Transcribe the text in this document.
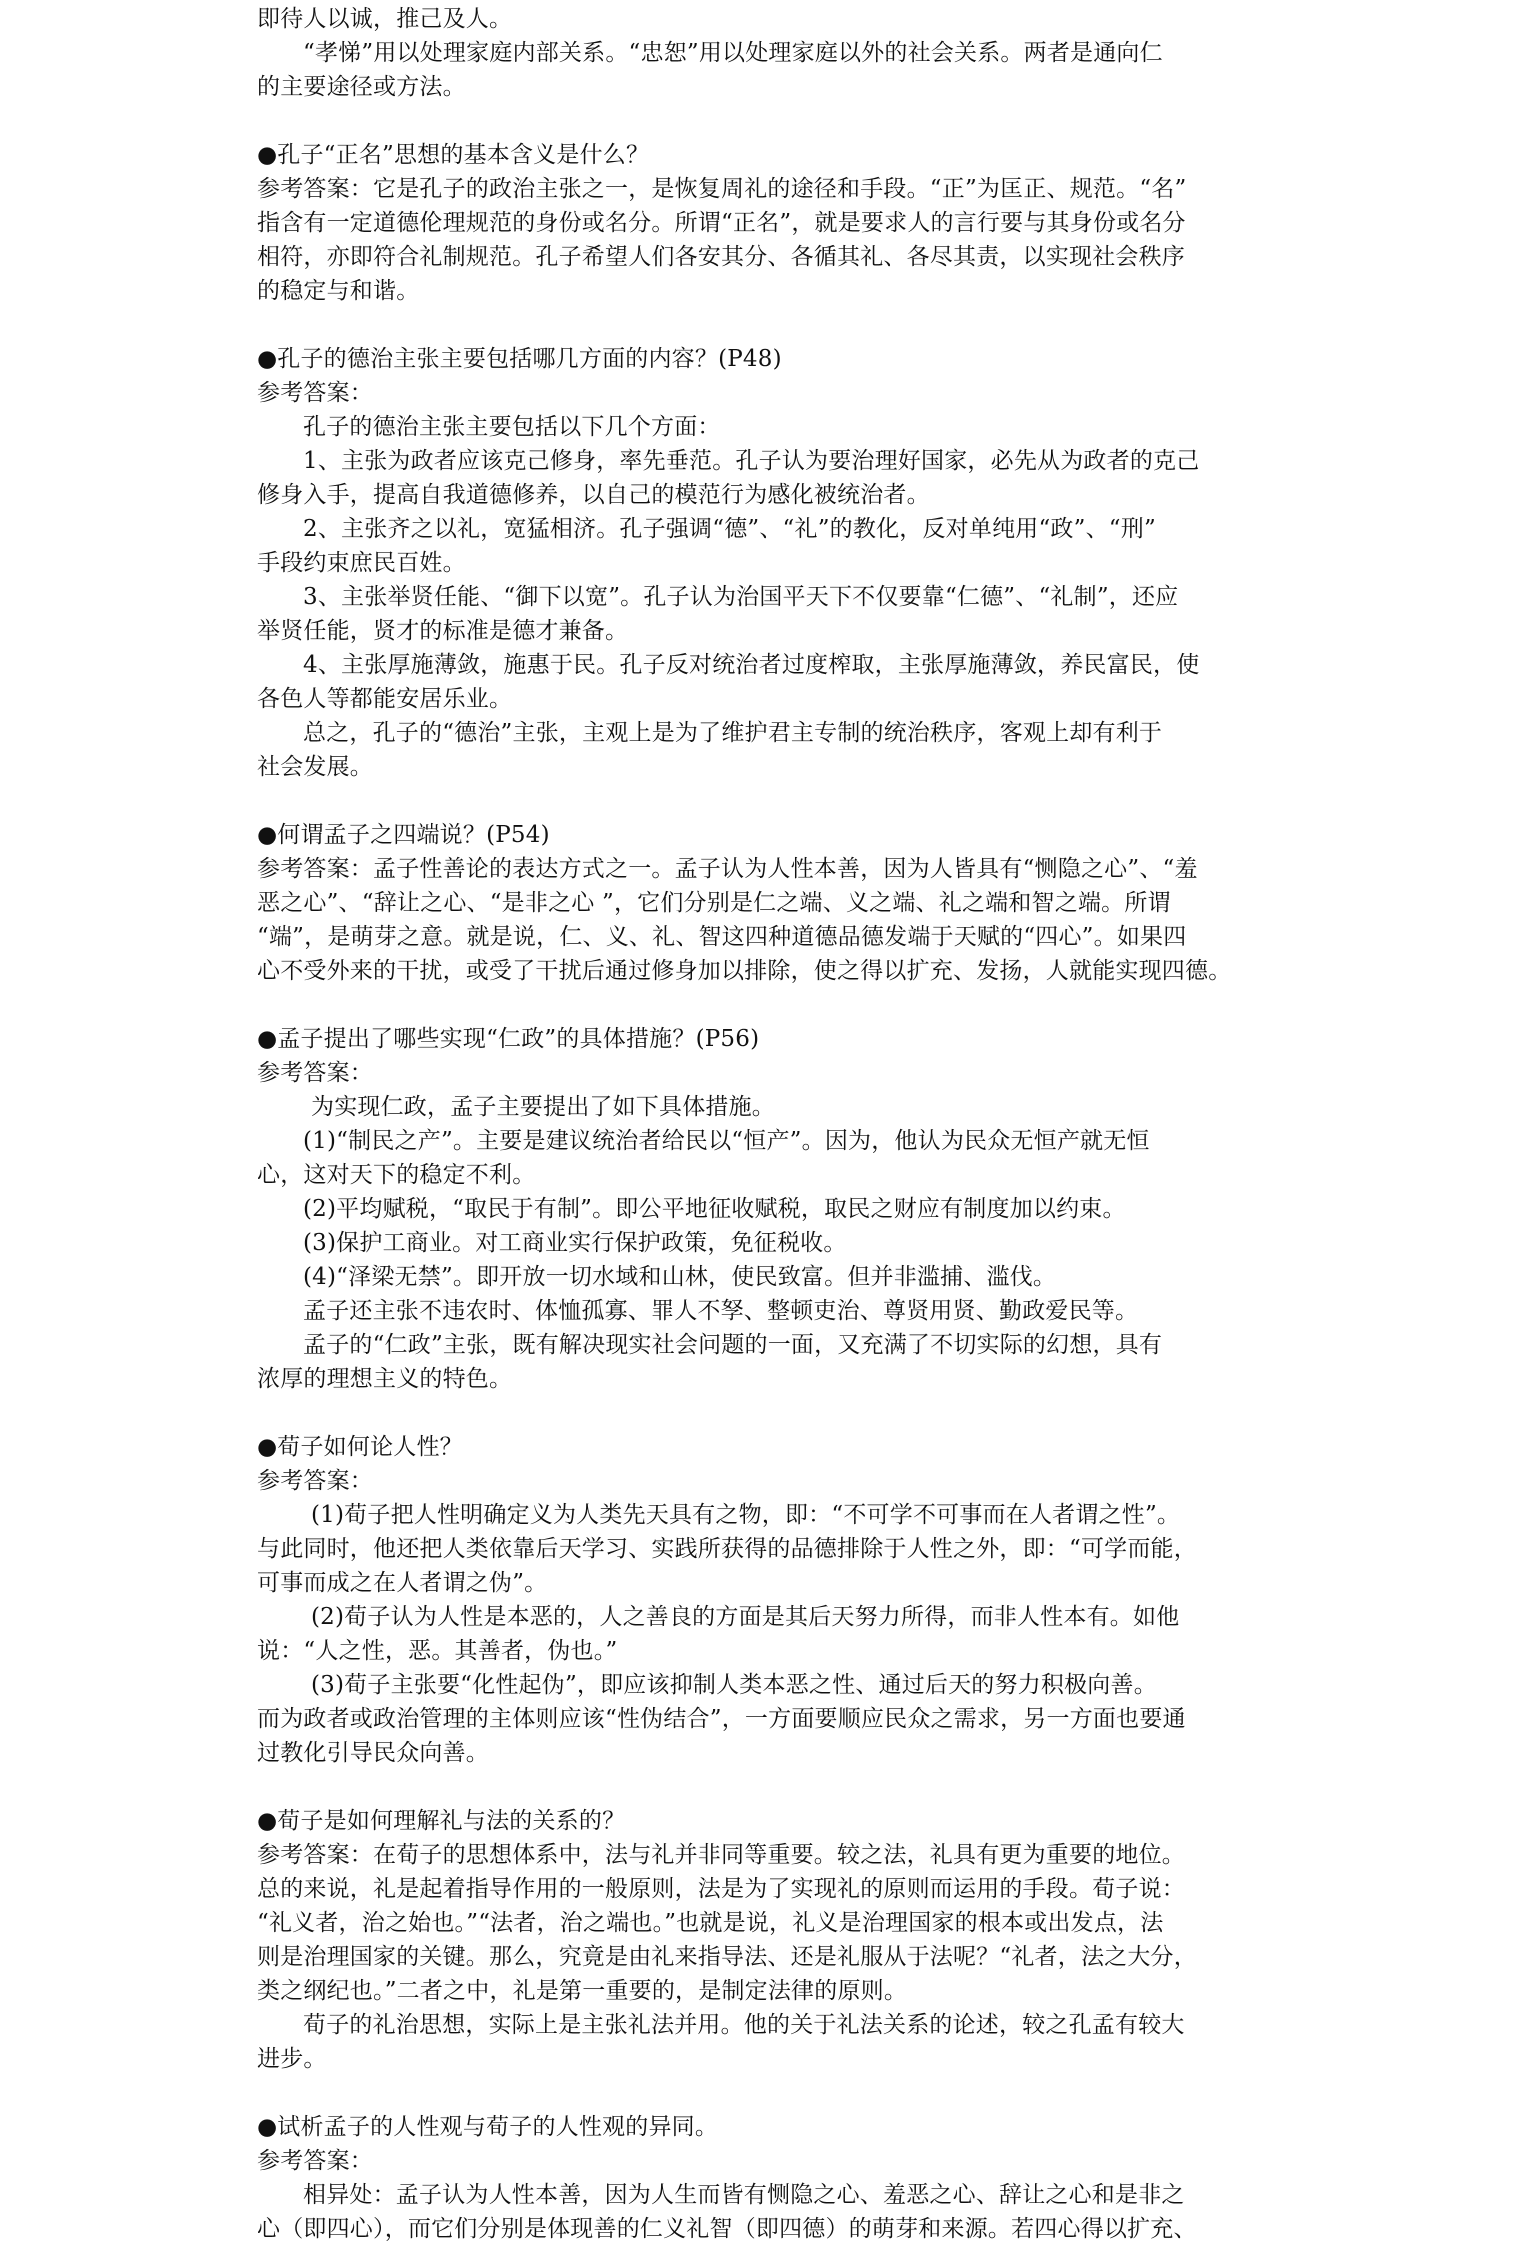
即待人以诚，推己及人。
“孝悌”用以处理家庭内部关系。“忠恕”用以处理家庭以外的社会关系。两者是通向仁
的主要途径或方法。
●孔子“正名”思想的基本含义是什么？
参考答案：它是孔子的政治主张之一，是恢复周礼的途径和手段。“正”为匡正、规范。“名”
指含有一定道德伦理规范的身份或名分。所谓“正名”，就是要求人的言行要与其身份或名分
相符，亦即符合礼制规范。孔子希望人们各安其分、各循其礼、各尽其责，以实现社会秩序
的稳定与和谐。
●孔子的德治主张主要包括哪几方面的内容？(P48)
参考答案：
孔子的德治主张主要包括以下几个方面：
1、主张为政者应该克己修身，率先垂范。孔子认为要治理好国家，必先从为政者的克己
修身入手，提高自我道德修养，以自己的模范行为感化被统治者。
2、主张齐之以礼，宽猛相济。孔子强调“德”、“礼”的教化，反对单纯用“政”、“刑”
手段约束庶民百姓。
3、主张举贤任能、“御下以宽”。孔子认为治国平天下不仅要靠“仁德”、“礼制”，还应
举贤任能，贤才的标准是德才兼备。
4、主张厚施薄敛，施惠于民。孔子反对统治者过度榨取，主张厚施薄敛，养民富民，使
各色人等都能安居乐业。
总之，孔子的“德治”主张，主观上是为了维护君主专制的统治秩序，客观上却有利于
社会发展。
●何谓孟子之四端说？(P54)
参考答案：孟子性善论的表达方式之一。孟子认为人性本善，因为人皆具有“恻隐之心”、“羞
恶之心”、“辞让之心、“是非之心 ”，它们分别是仁之端、义之端、礼之端和智之端。所谓
“端”，是萌芽之意。就是说，仁、义、礼、智这四种道德品德发端于天赋的“四心”。如果四
心不受外来的干扰，或受了干扰后通过修身加以排除，使之得以扩充、发扬，人就能实现四德。
●孟子提出了哪些实现“仁政”的具体措施？(P56)
参考答案：
为实现仁政，孟子主要提出了如下具体措施。
(1)“制民之产”。主要是建议统治者给民以“恒产”。因为，他认为民众无恒产就无恒
心，这对天下的稳定不利。
(2)平均赋税，“取民于有制”。即公平地征收赋税，取民之财应有制度加以约束。
(3)保护工商业。对工商业实行保护政策，免征税收。
(4)“泽梁无禁”。即开放一切水域和山林，使民致富。但并非滥捕、滥伐。
孟子还主张不违农时、体恤孤寡、罪人不孥、整顿吏治、尊贤用贤、勤政爱民等。
孟子的“仁政”主张，既有解决现实社会问题的一面，又充满了不切实际的幻想，具有
浓厚的理想主义的特色。
●荀子如何论人性？
参考答案：
(1)荀子把人性明确定义为人类先天具有之物，即：“不可学不可事而在人者谓之性”。
与此同时，他还把人类依靠后天学习、实践所获得的品德排除于人性之外，即：“可学而能，
可事而成之在人者谓之伪”。
(2)荀子认为人性是本恶的，人之善良的方面是其后天努力所得，而非人性本有。如他
说：“人之性，恶。其善者，伪也。”
(3)荀子主张要“化性起伪”，即应该抑制人类本恶之性、通过后天的努力积极向善。
而为政者或政治管理的主体则应该“性伪结合”，一方面要顺应民众之需求，另一方面也要通
过教化引导民众向善。
●荀子是如何理解礼与法的关系的？
参考答案：在荀子的思想体系中，法与礼并非同等重要。较之法，礼具有更为重要的地位。
总的来说，礼是起着指导作用的一般原则，法是为了实现礼的原则而运用的手段。荀子说：
“礼义者，治之始也。”“法者，治之端也。”也就是说，礼义是治理国家的根本或出发点，法
则是治理国家的关键。那么，究竟是由礼来指导法、还是礼服从于法呢？“礼者，法之大分，
类之纲纪也。”二者之中，礼是第一重要的，是制定法律的原则。
荀子的礼治思想，实际上是主张礼法并用。他的关于礼法关系的论述，较之孔孟有较大
进步。
●试析孟子的人性观与荀子的人性观的异同。
参考答案：
相异处：孟子认为人性本善，因为人生而皆有恻隐之心、羞恶之心、辞让之心和是非之
心（即四心），而它们分别是体现善的仁义礼智（即四德）的萌芽和来源。若四心得以扩充、
